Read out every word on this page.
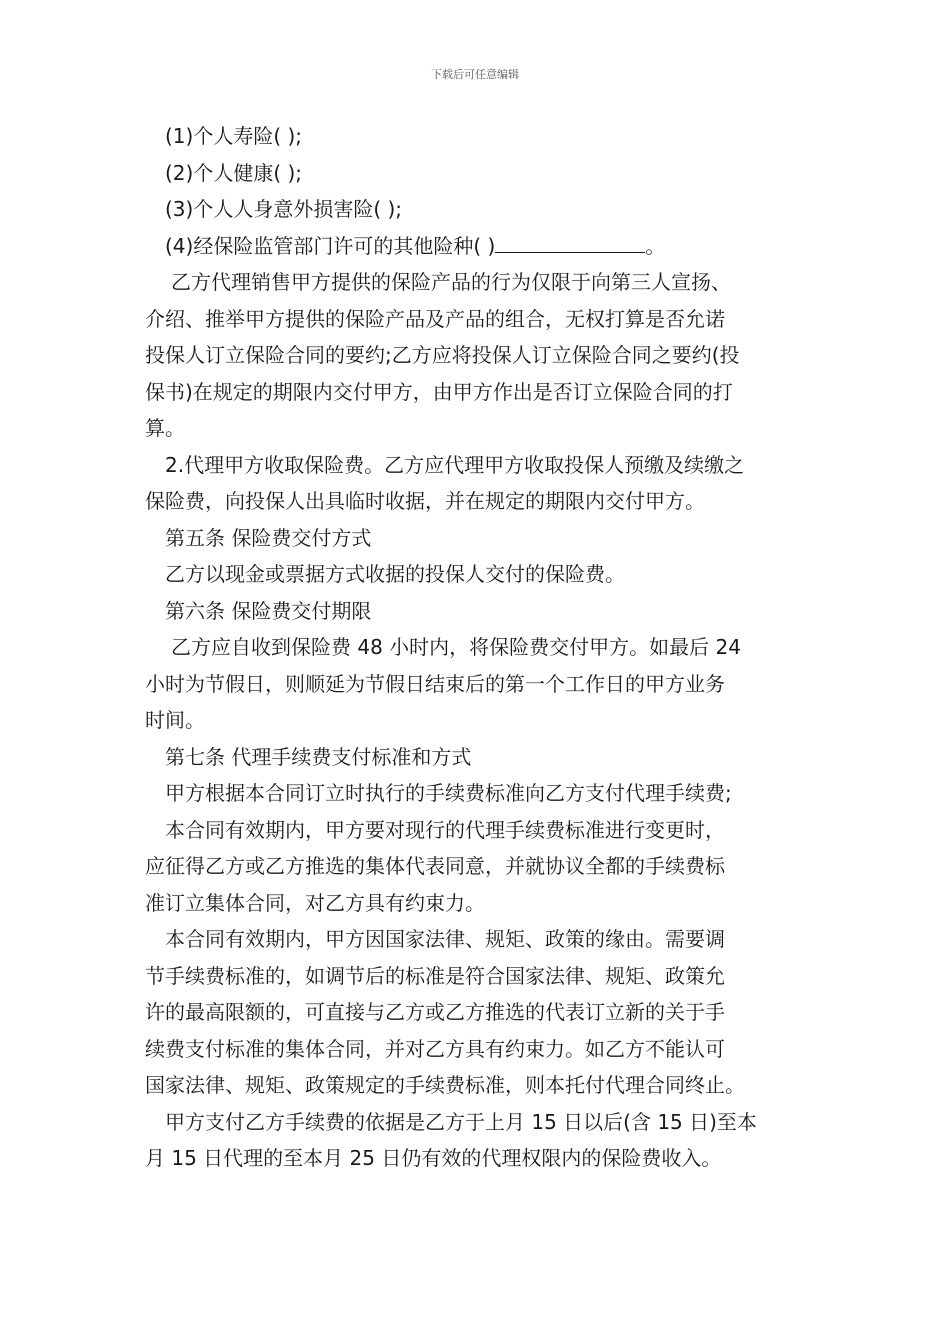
下载后可任意编辑
(1)个人寿险( );
(2)个人健康( );
(3)个人人身意外损害险( );
(4)经保险监管部门许可的其他险种( )	。
乙方代理销售甲方提供的保险产品的行为仅限于向第三人宣扬、
介绍、推举甲方提供的保险产品及产品的组合，无权打算是否允诺
投保人订立保险合同的要约;乙方应将投保人订立保险合同之要约(投
保书)在规定的期限内交付甲方，由甲方作出是否订立保险合同的打
算。
2.代理甲方收取保险费。乙方应代理甲方收取投保人预缴及续缴之
保险费，向投保人出具临时收据，并在规定的期限内交付甲方。
第五条 保险费交付方式
乙方以现金或票据方式收据的投保人交付的保险费。
第六条 保险费交付期限
乙方应自收到保险费 48 小时内，将保险费交付甲方。如最后 24
小时为节假日，则顺延为节假日结束后的第一个工作日的甲方业务
时间。
第七条 代理手续费支付标准和方式
甲方根据本合同订立时执行的手续费标准向乙方支付代理手续费;
本合同有效期内，甲方要对现行的代理手续费标准进行变更时，
应征得乙方或乙方推选的集体代表同意，并就协议全都的手续费标
准订立集体合同，对乙方具有约束力。
本合同有效期内，甲方因国家法律、规矩、政策的缘由。需要调
节手续费标准的，如调节后的标准是符合国家法律、规矩、政策允
许的最高限额的，可直接与乙方或乙方推选的代表订立新的关于手
续费支付标准的集体合同，并对乙方具有约束力。如乙方不能认可
国家法律、规矩、政策规定的手续费标准，则本托付代理合同终止。
甲方支付乙方手续费的依据是乙方于上月 15 日以后(含 15 日)至本
月 15 日代理的至本月 25 日仍有效的代理权限内的保险费收入。
